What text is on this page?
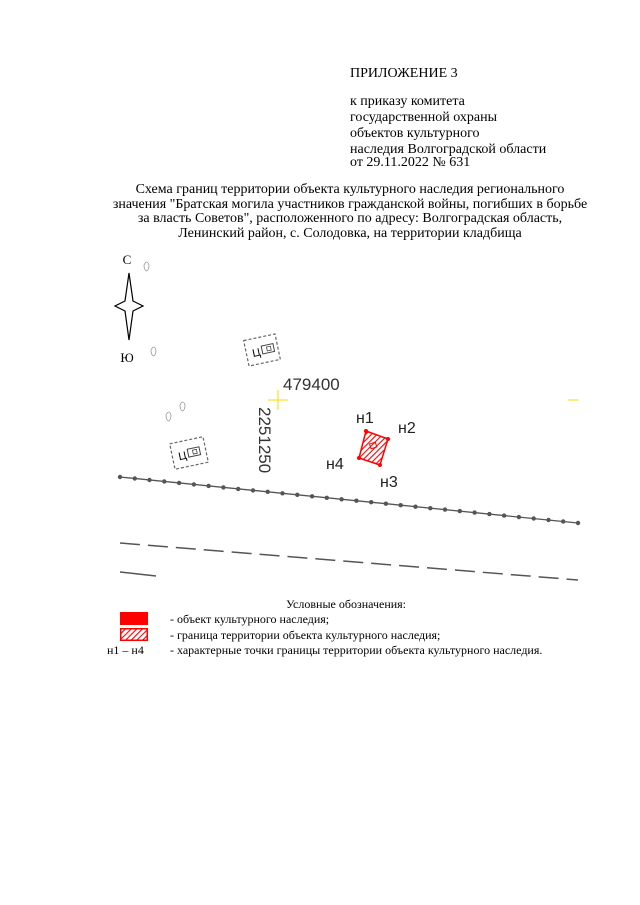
ПРИЛОЖЕНИЕ 3
к приказу комитета
государственной охраны
объектов культурного
наследия Волгоградской области
от 29.11.2022 № 631
Схема границ территории объекта культурного наследия регионального
значения "Братская могила участников гражданской войны, погибших в борьбе
за власть Советов", расположенного по адресу: Волгоградская область,
Ленинский район, с. Солодовка, на территории кладбища
С
Ю	Ц
Ц
479400
2251250	н1
н2
н3
н4
Условные обозначения:
- объект культурного наследия;
- граница территории объекта культурного наследия;
н1 – н4 - характерные точки границы территории объекта культурного наследия.
